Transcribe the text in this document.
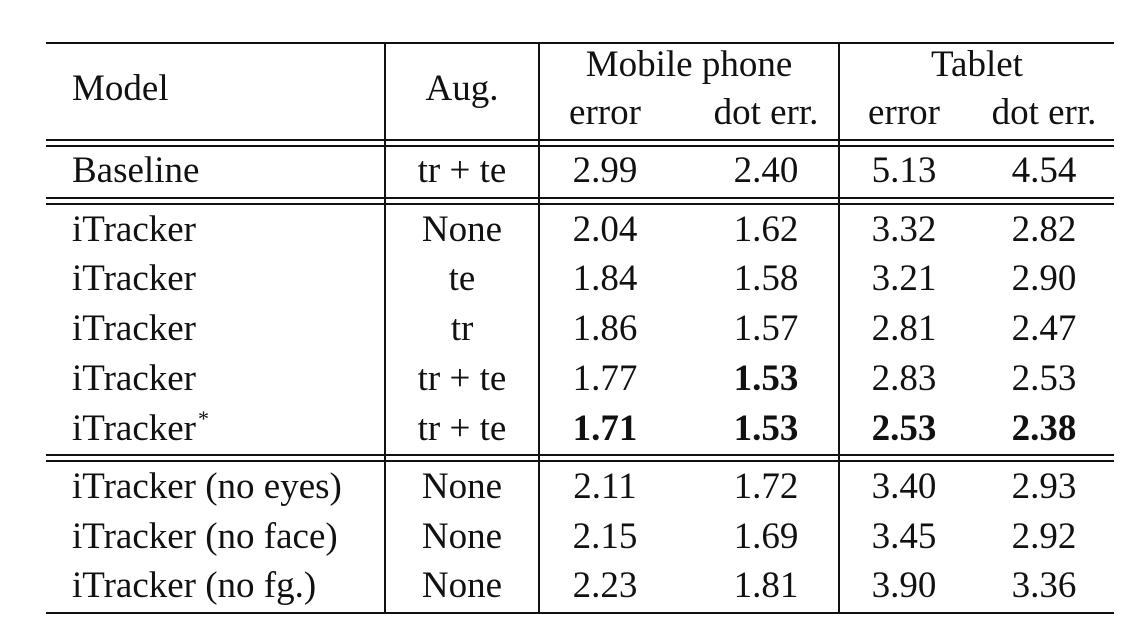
Model	Aug.
Mobile phone	Tablet
error	dot err.	error	dot err.
Baseline	tr + te	2.99	2.40	5.13	4.54
iTracker	None	2.04	1.62	3.32	2.82
iTracker	te	1.84	1.58	3.21	2.90
iTracker	tr	1.86	1.57	2.81	2.47
iTracker	tr + te	1.77	1.53	2.83	2.53
iTracker*	tr + te	1.71	1.53	2.53	2.38
iTracker (no eyes)	None	2.11	1.72	3.40	2.93
iTracker (no face)	None	2.15	1.69	3.45	2.92
iTracker (no fg.)	None	2.23	1.81	3.90	3.36
